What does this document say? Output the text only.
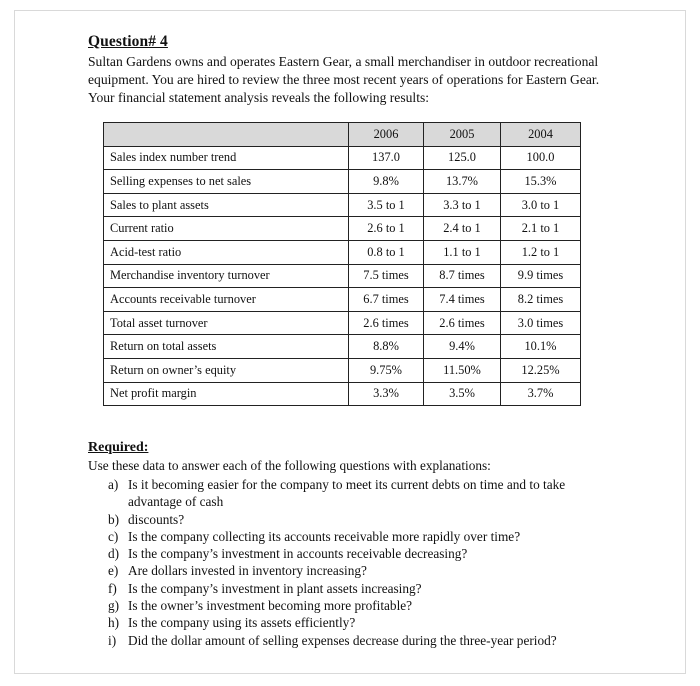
Question# 4
Sultan Gardens owns and operates Eastern Gear, a small merchandiser in outdoor recreational
equipment. You are hired to review the three most recent years of operations for Eastern Gear.
Your financial statement analysis reveals the following results:
	2006	2005	2004
Sales index number trend	137.0	125.0	100.0
Selling expenses to net sales	9.8%	13.7%	15.3%
Sales to plant assets	3.5 to 1	3.3 to 1	3.0 to 1
Current ratio	2.6 to 1	2.4 to 1	2.1 to 1
Acid-test ratio	0.8 to 1	1.1 to 1	1.2 to 1
Merchandise inventory turnover	7.5 times	8.7 times	9.9 times
Accounts receivable turnover	6.7 times	7.4 times	8.2 times
Total asset turnover	2.6 times	2.6 times	3.0 times
Return on total assets	8.8%	9.4%	10.1%
Return on owner’s equity	9.75%	11.50%	12.25%
Net profit margin	3.3%	3.5%	3.7%
Required:
Use these data to answer each of the following questions with explanations:
a) Is it becoming easier for the company to meet its current debts on time and to take advantage of cash
b) discounts?
c) Is the company collecting its accounts receivable more rapidly over time?
d) Is the company’s investment in accounts receivable decreasing?
e) Are dollars invested in inventory increasing?
f) Is the company’s investment in plant assets increasing?
g) Is the owner’s investment becoming more profitable?
h) Is the company using its assets efficiently?
i) Did the dollar amount of selling expenses decrease during the three-year period?
